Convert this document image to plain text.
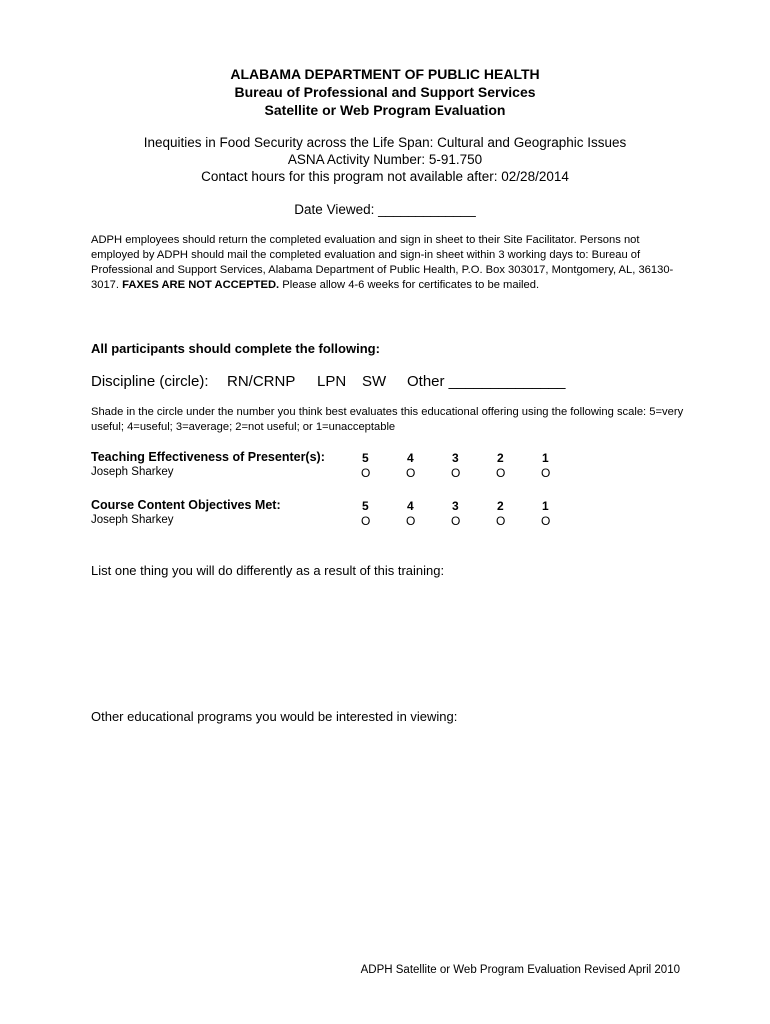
ALABAMA DEPARTMENT OF PUBLIC HEALTH
Bureau of Professional and Support Services
Satellite or Web Program Evaluation
Inequities in Food Security across the Life Span: Cultural and Geographic Issues
ASNA Activity Number: 5-91.750
Contact hours for this program not available after: 02/28/2014
Date Viewed: _____________
ADPH employees should return the completed evaluation and sign in sheet to their Site Facilitator. Persons not employed by ADPH should mail the completed evaluation and sign-in sheet within 3 working days to: Bureau of Professional and Support Services, Alabama Department of Public Health, P.O. Box 303017, Montgomery, AL, 36130-3017. FAXES ARE NOT ACCEPTED. Please allow 4-6 weeks for certificates to be mailed.
All participants should complete the following:
Discipline (circle): RN/CRNP LPN SW Other ______________
Shade in the circle under the number you think best evaluates this educational offering using the following scale: 5=very useful; 4=useful; 3=average; 2=not useful; or 1=unacceptable
Teaching Effectiveness of Presenter(s):
Joseph Sharkey
5	4	3	2	1
O	O	O	O	O
Course Content Objectives Met:
Joseph Sharkey
5	4	3	2	1
O	O	O	O	O
List one thing you will do differently as a result of this training:
Other educational programs you would be interested in viewing:
ADPH Satellite or Web Program Evaluation Revised April 2010
